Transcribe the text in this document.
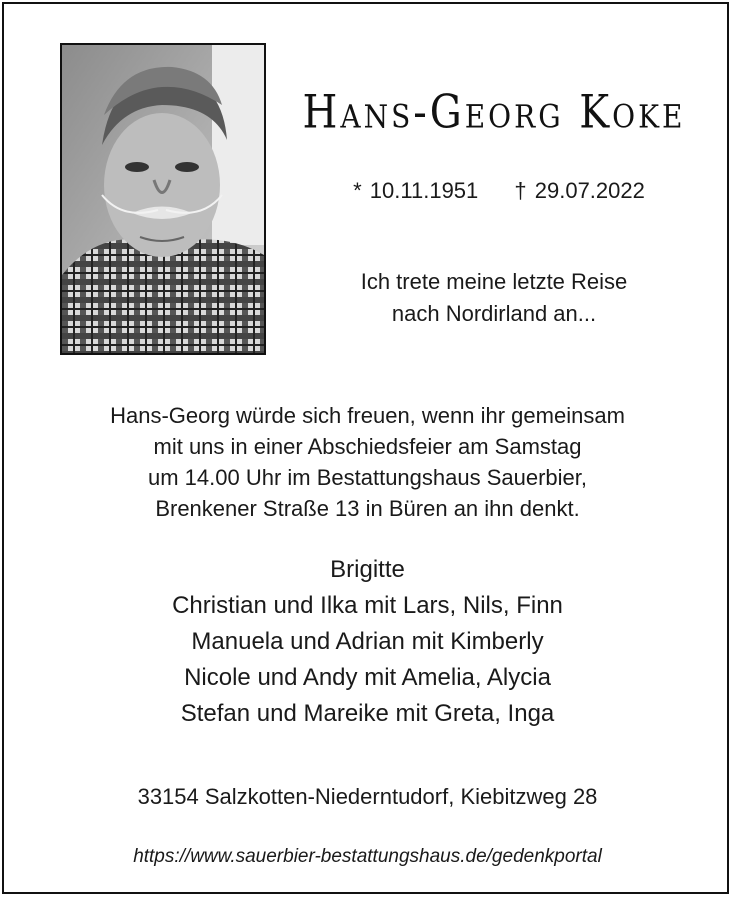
Hans-Georg Koke
* 10.11.1951 † 29.07.2022
Ich trete meine letzte Reise
nach Nordirland an...
Hans-Georg würde sich freuen, wenn ihr gemeinsam
mit uns in einer Abschiedsfeier am Samstag
um 14.00 Uhr im Bestattungshaus Sauerbier,
Brenkener Straße 13 in Büren an ihn denkt.
Brigitte
Christian und Ilka mit Lars, Nils, Finn
Manuela und Adrian mit Kimberly
Nicole und Andy mit Amelia, Alycia
Stefan und Mareike mit Greta, Inga
33154 Salzkotten-Niederntudorf, Kiebitzweg 28
https://www.sauerbier-bestattungshaus.de/gedenkportal
